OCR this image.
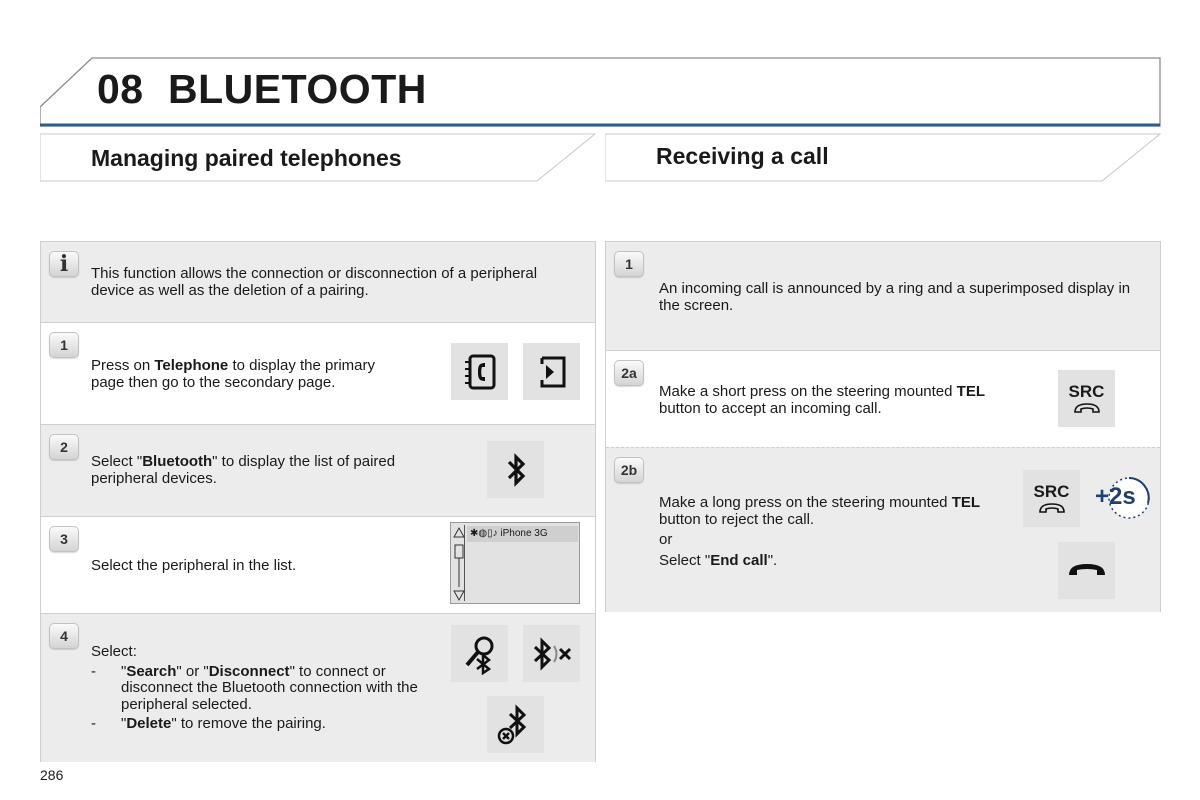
08 BLUETOOTH
Managing paired telephones	Receiving a call
i	This function allows the connection or disconnection of a peripheral device as well as the deletion of a pairing.
1
Press on Telephone to display the primary page then go to the secondary page.
2
Select "Bluetooth" to display the list of paired peripheral devices.
3
Select the peripheral in the list.
4
Select:
- "Search" or "Disconnect" to connect or disconnect the Bluetooth connection with the peripheral selected.
- "Delete" to remove the pairing.
✱◍▯♪ iPhone 3G
1
An incoming call is announced by a ring and a superimposed display in the screen.
2a
Make a short press on the steering mounted TEL button to accept an incoming call.
SRC
2b
Make a long press on the steering mounted TEL button to reject the call.
or
Select "End call".
SRC +2s
286
